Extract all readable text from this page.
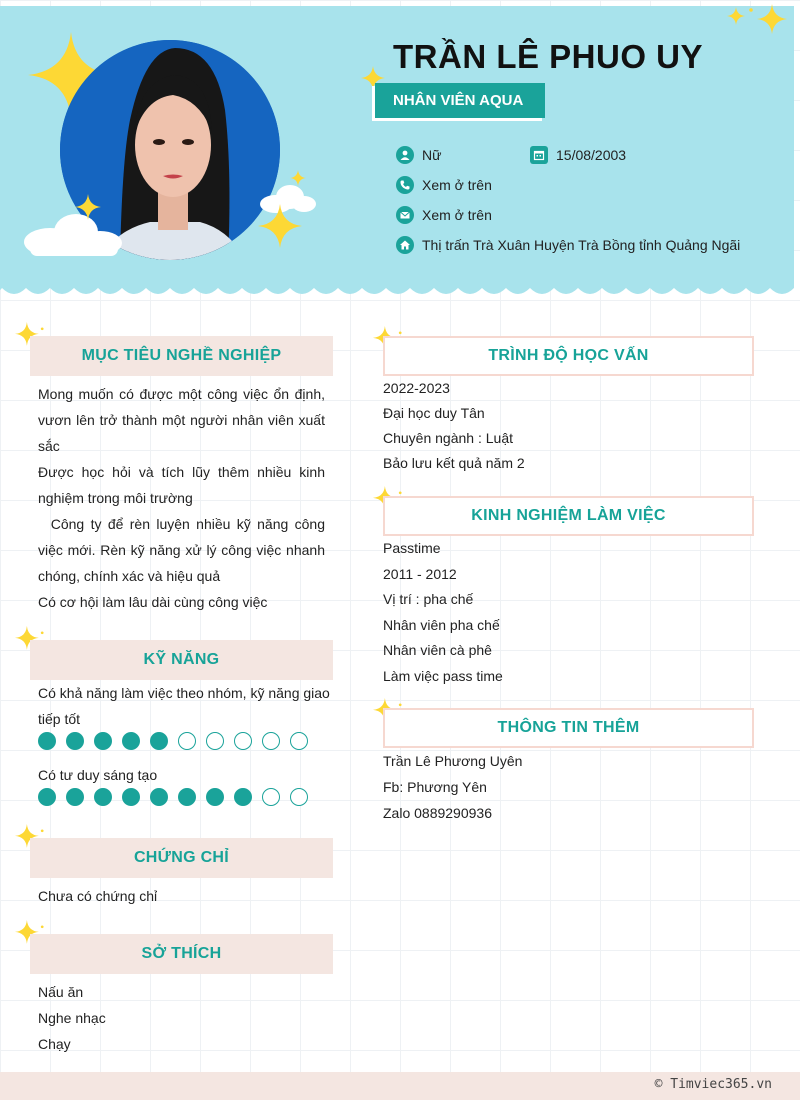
TRẦN LÊ PHUO UY
NHÂN VIÊN AQUA
Nữ	15/08/2003
Xem ở trên
Xem ở trên
Thị trấn Trà Xuân Huyện Trà Bồng tỉnh Quảng Ngãi
MỤC TIÊU NGHỀ NGHIỆP
Mong muốn có được một công việc ổn định, vươn lên trở thành một người nhân viên xuất sắc
Được học hỏi và tích lũy thêm nhiều kinh nghiệm trong môi trường
Công ty để rèn luyện nhiều kỹ năng công việc mới. Rèn kỹ năng xử lý công việc nhanh chóng, chính xác và hiệu quả
Có cơ hội làm lâu dài cùng công việc
KỸ NĂNG
Có khả năng làm việc theo nhóm, kỹ năng giao tiếp tốt
Có tư duy sáng tạo
CHỨNG CHỈ
Chưa có chứng chỉ
SỞ THÍCH
Nấu ăn
Nghe nhạc
Chạy
TRÌNH ĐỘ HỌC VẤN
2022-2023
Đại học duy Tân
Chuyên ngành : Luật
Bảo lưu kết quả năm 2
KINH NGHIỆM LÀM VIỆC
Passtime
2011 - 2012
Vị trí : pha chế
Nhân viên pha chế
Nhân viên cà phê
Làm việc pass time
THÔNG TIN THÊM
Trần Lê Phương Uyên
Fb: Phương Yên
Zalo 0889290936
© Timviec365.vn
